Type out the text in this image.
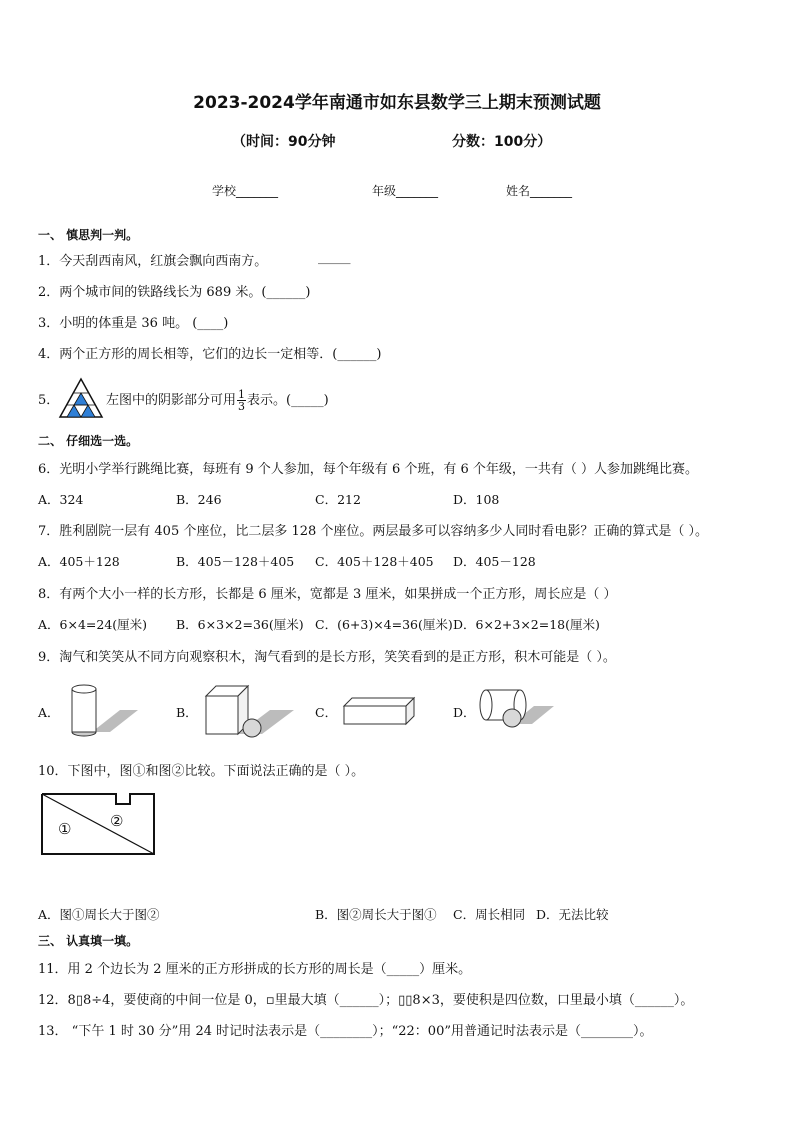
2023-2024学年南通市如东县数学三上期末预测试题
（时间：90分钟	分数：100分）
学校_______	年级_______	姓名_______
一、 慎思判一判。
1．今天刮西南风，红旗会飘向西南方。	_____
2．两个城市间的铁路线长为 689 米。(______)
3．小明的体重是 36 吨。 (____)
4．两个正方形的周长相等，它们的边长一定相等．(______)
5．	左图中的阴影部分可用 $\frac{1}{3}$ 表示。(_____)
二、 仔细选一选。
6．光明小学举行跳绳比赛，每班有 9 个人参加，每个年级有 6 个班，有 6 个年级，一共有（ ）人参加跳绳比赛。
A．324	B．246	C．212	D．108
7．胜利剧院一层有 405 个座位，比二层多 128 个座位。两层最多可以容纳多少人同时看电影？正确的算式是（ ）。
A．405＋128	B．405－128＋405 C．405＋128＋405 D．405－128
8．有两个大小一样的长方形，长都是 6 厘米，宽都是 3 厘米，如果拼成一个正方形，周长应是（ ）
A．6×4=24(厘米) B．6×3×2=36(厘米) C．(6+3)×4=36(厘米) D．6×2+3×2=18(厘米)
9．淘气和笑笑从不同方向观察积木，淘气看到的是长方形，笑笑看到的是正方形，积木可能是（ ）。
A．	B．	C．	D．
10．下图中，图①和图②比较。下面说法正确的是（ ）。
①	②
A．图①周长大于图②	B．图②周长大于图① C．周长相同 D．无法比较
三、 认真填一填。
11．用 2 个边长为 2 厘米的正方形拼成的长方形的周长是（_____）厘米。
12．8▯8÷4，要使商的中间一位是 0，▫里最大填（______）；▯▯8×3，要使积是四位数，口里最小填（______）。
13． “下午 1 时 30 分”用 24 时记时法表示是（________）；“22：00”用普通记时法表示是（________）。
